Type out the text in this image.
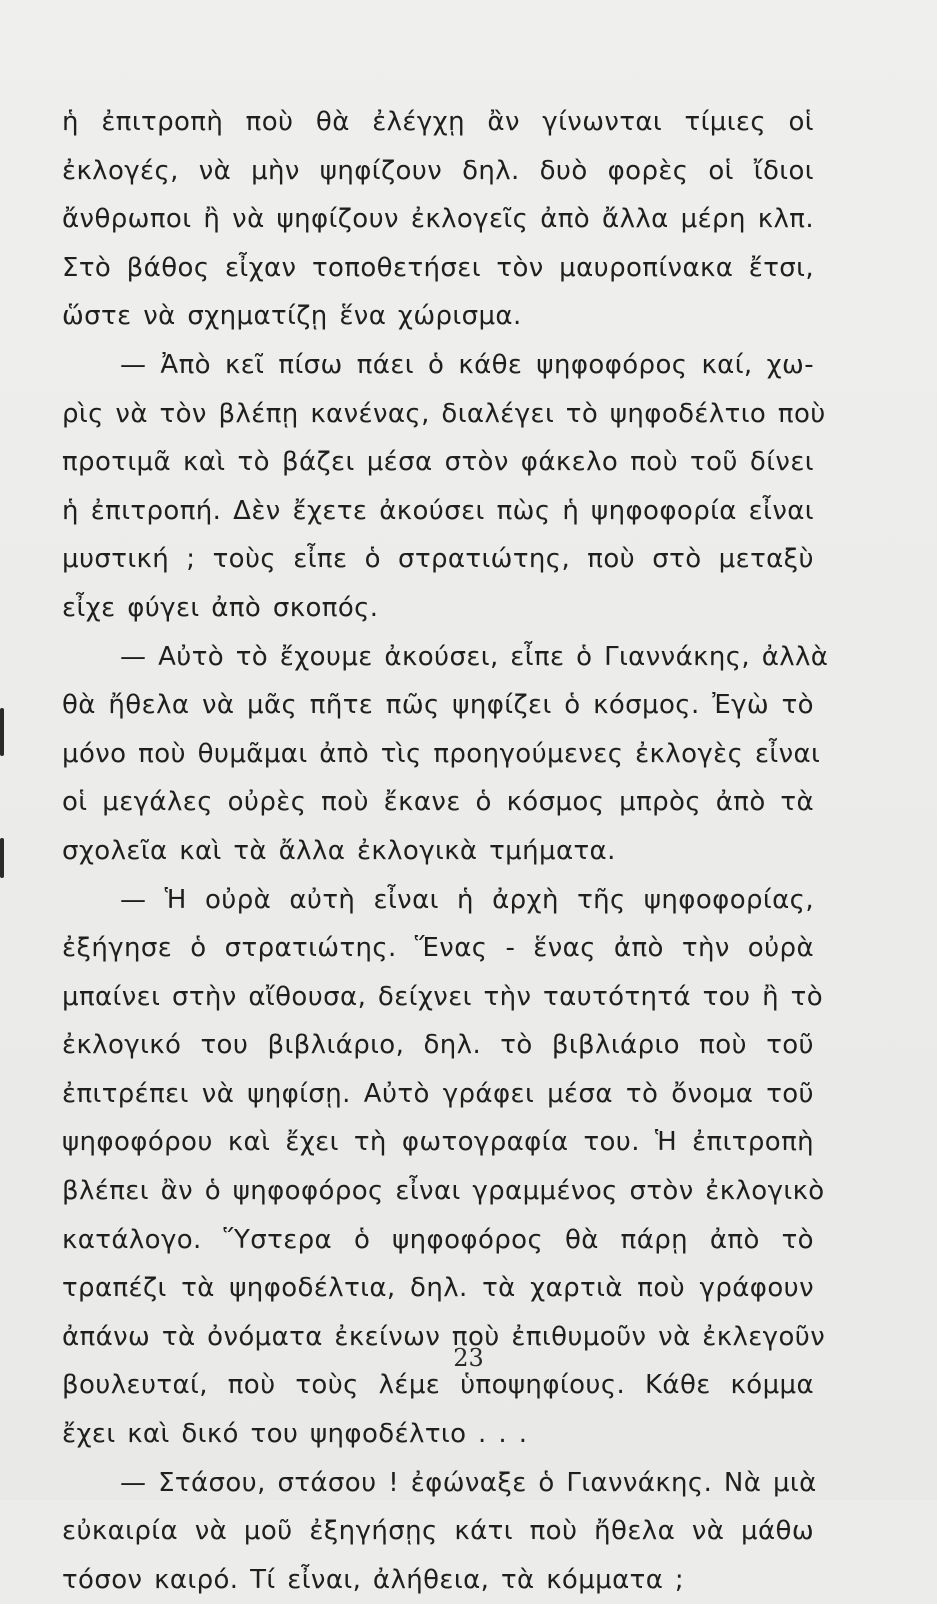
ἡ ἐπιτροπὴ ποὺ θὰ ἐλέγχῃ ἂν γίνωνται τίμιες οἱ
ἐκλογές, νὰ μὴν ψηφίζουν δηλ. δυὸ φορὲς οἱ ἴδιοι
ἄνθρωποι ἢ νὰ ψηφίζουν ἐκλογεῖς ἀπὸ ἄλλα μέρη κλπ.
Στὸ βάθος εἶχαν τοποθετήσει τὸν μαυροπίνακα ἔτσι,
ὥστε νὰ σχηματίζῃ ἕνα χώρισμα.
— Ἀπὸ κεῖ πίσω πάει ὁ κάθε ψηφοφόρος καί, χω-
ρὶς νὰ τὸν βλέπῃ κανένας, διαλέγει τὸ ψηφοδέλτιο ποὺ
προτιμᾶ καὶ τὸ βάζει μέσα στὸν φάκελο ποὺ τοῦ δίνει
ἡ ἐπιτροπή. Δὲν ἔχετε ἀκούσει πὼς ἡ ψηφοφορία εἶναι
μυστική ; τοὺς εἶπε ὁ στρατιώτης, ποὺ στὸ μεταξὺ
εἶχε φύγει ἀπὸ σκοπός.
— Αὐτὸ τὸ ἔχουμε ἀκούσει, εἶπε ὁ Γιαννάκης, ἀλλὰ
θὰ ἤθελα νὰ μᾶς πῆτε πῶς ψηφίζει ὁ κόσμος. Ἐγὼ τὸ
μόνο ποὺ θυμᾶμαι ἀπὸ τὶς προηγούμενες ἐκλογὲς εἶναι
οἱ μεγάλες οὐρὲς ποὺ ἔκανε ὁ κόσμος μπρὸς ἀπὸ τὰ
σχολεῖα καὶ τὰ ἄλλα ἐκλογικὰ τμήματα.
— Ἡ οὐρὰ αὐτὴ εἶναι ἡ ἀρχὴ τῆς ψηφοφορίας,
ἐξήγησε ὁ στρατιώτης. Ἕνας - ἕνας ἀπὸ τὴν οὐρὰ
μπαίνει στὴν αἴθουσα, δείχνει τὴν ταυτότητά του ἢ τὸ
ἐκλογικό του βιβλιάριο, δηλ. τὸ βιβλιάριο ποὺ τοῦ
ἐπιτρέπει νὰ ψηφίσῃ. Αὐτὸ γράφει μέσα τὸ ὄνομα τοῦ
ψηφοφόρου καὶ ἔχει τὴ φωτογραφία του. Ἡ ἐπιτροπὴ
βλέπει ἂν ὁ ψηφοφόρος εἶναι γραμμένος στὸν ἐκλογικὸ
κατάλογο. Ὕστερα ὁ ψηφοφόρος θὰ πάρῃ ἀπὸ τὸ
τραπέζι τὰ ψηφοδέλτια, δηλ. τὰ χαρτιὰ ποὺ γράφουν
ἀπάνω τὰ ὀνόματα ἐκείνων ποὺ ἐπιθυμοῦν νὰ ἐκλεγοῦν
βουλευταί, ποὺ τοὺς λέμε ὑποψηφίους. Κάθε κόμμα
ἔχει καὶ δικό του ψηφοδέλτιο . . .
— Στάσου, στάσου ! ἐφώναξε ὁ Γιαννάκης. Νὰ μιὰ
εὐκαιρία νὰ μοῦ ἐξηγήσῃς κάτι ποὺ ἤθελα νὰ μάθω
τόσον καιρό. Τί εἶναι, ἀλήθεια, τὰ κόμματα ;
23
